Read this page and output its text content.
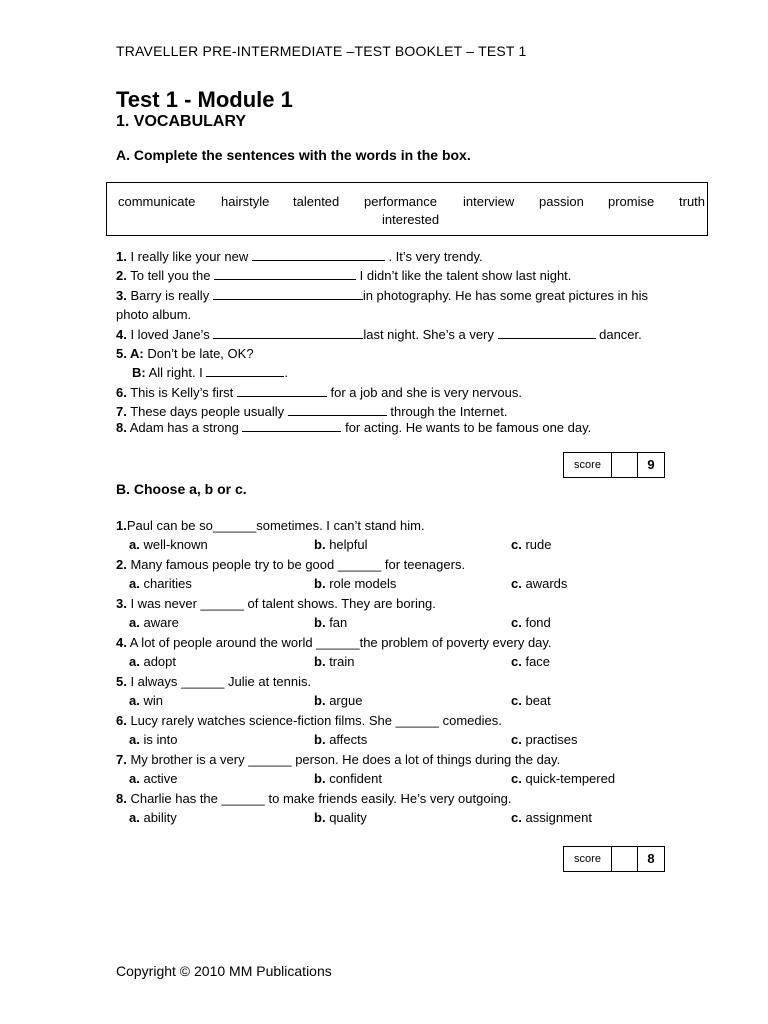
TRAVELLER PRE-INTERMEDIATE –TEST BOOKLET – TEST 1
Test 1 - Module 1
1. VOCABULARY
A. Complete the sentences with the words in the box.
communicate hairstyle talented performance interview passion promise truth
interested
1. I really like your new	. It’s very trendy.
2. To tell you the	I didn’t like the talent show last night.
3. Barry is really	in photography. He has some great pictures in his
photo album.
4. I loved Jane’s	last night. She’s a very	dancer.
5. A: Don’t be late, OK?
B: All right. I	.
6. This is Kelly’s first	for a job and she is very nervous.
7. These days people usually	through the Internet.
8. Adam has a strong	for acting. He wants to be famous one day.
score	9
B. Choose a, b or c.
1.Paul can be so______sometimes. I can’t stand him.
a. well-known	b. helpful	c. rude
2. Many famous people try to be good ______ for teenagers.
a. charities	b. role models	c. awards
3. I was never ______ of talent shows. They are boring.
a. aware	b. fan	c. fond
4. A lot of people around the world ______the problem of poverty every day.
a. adopt	b. train	c. face
5. I always ______ Julie at tennis.
a. win	b. argue	c. beat
6. Lucy rarely watches science-fiction films. She ______ comedies.
a. is into	b. affects	c. practises
7. My brother is a very ______ person. He does a lot of things during the day.
a. active	b. confident	c. quick-tempered
8. Charlie has the ______ to make friends easily. He’s very outgoing.
a. ability	b. quality	c. assignment
score	8
Copyright © 2010 MM Publications
